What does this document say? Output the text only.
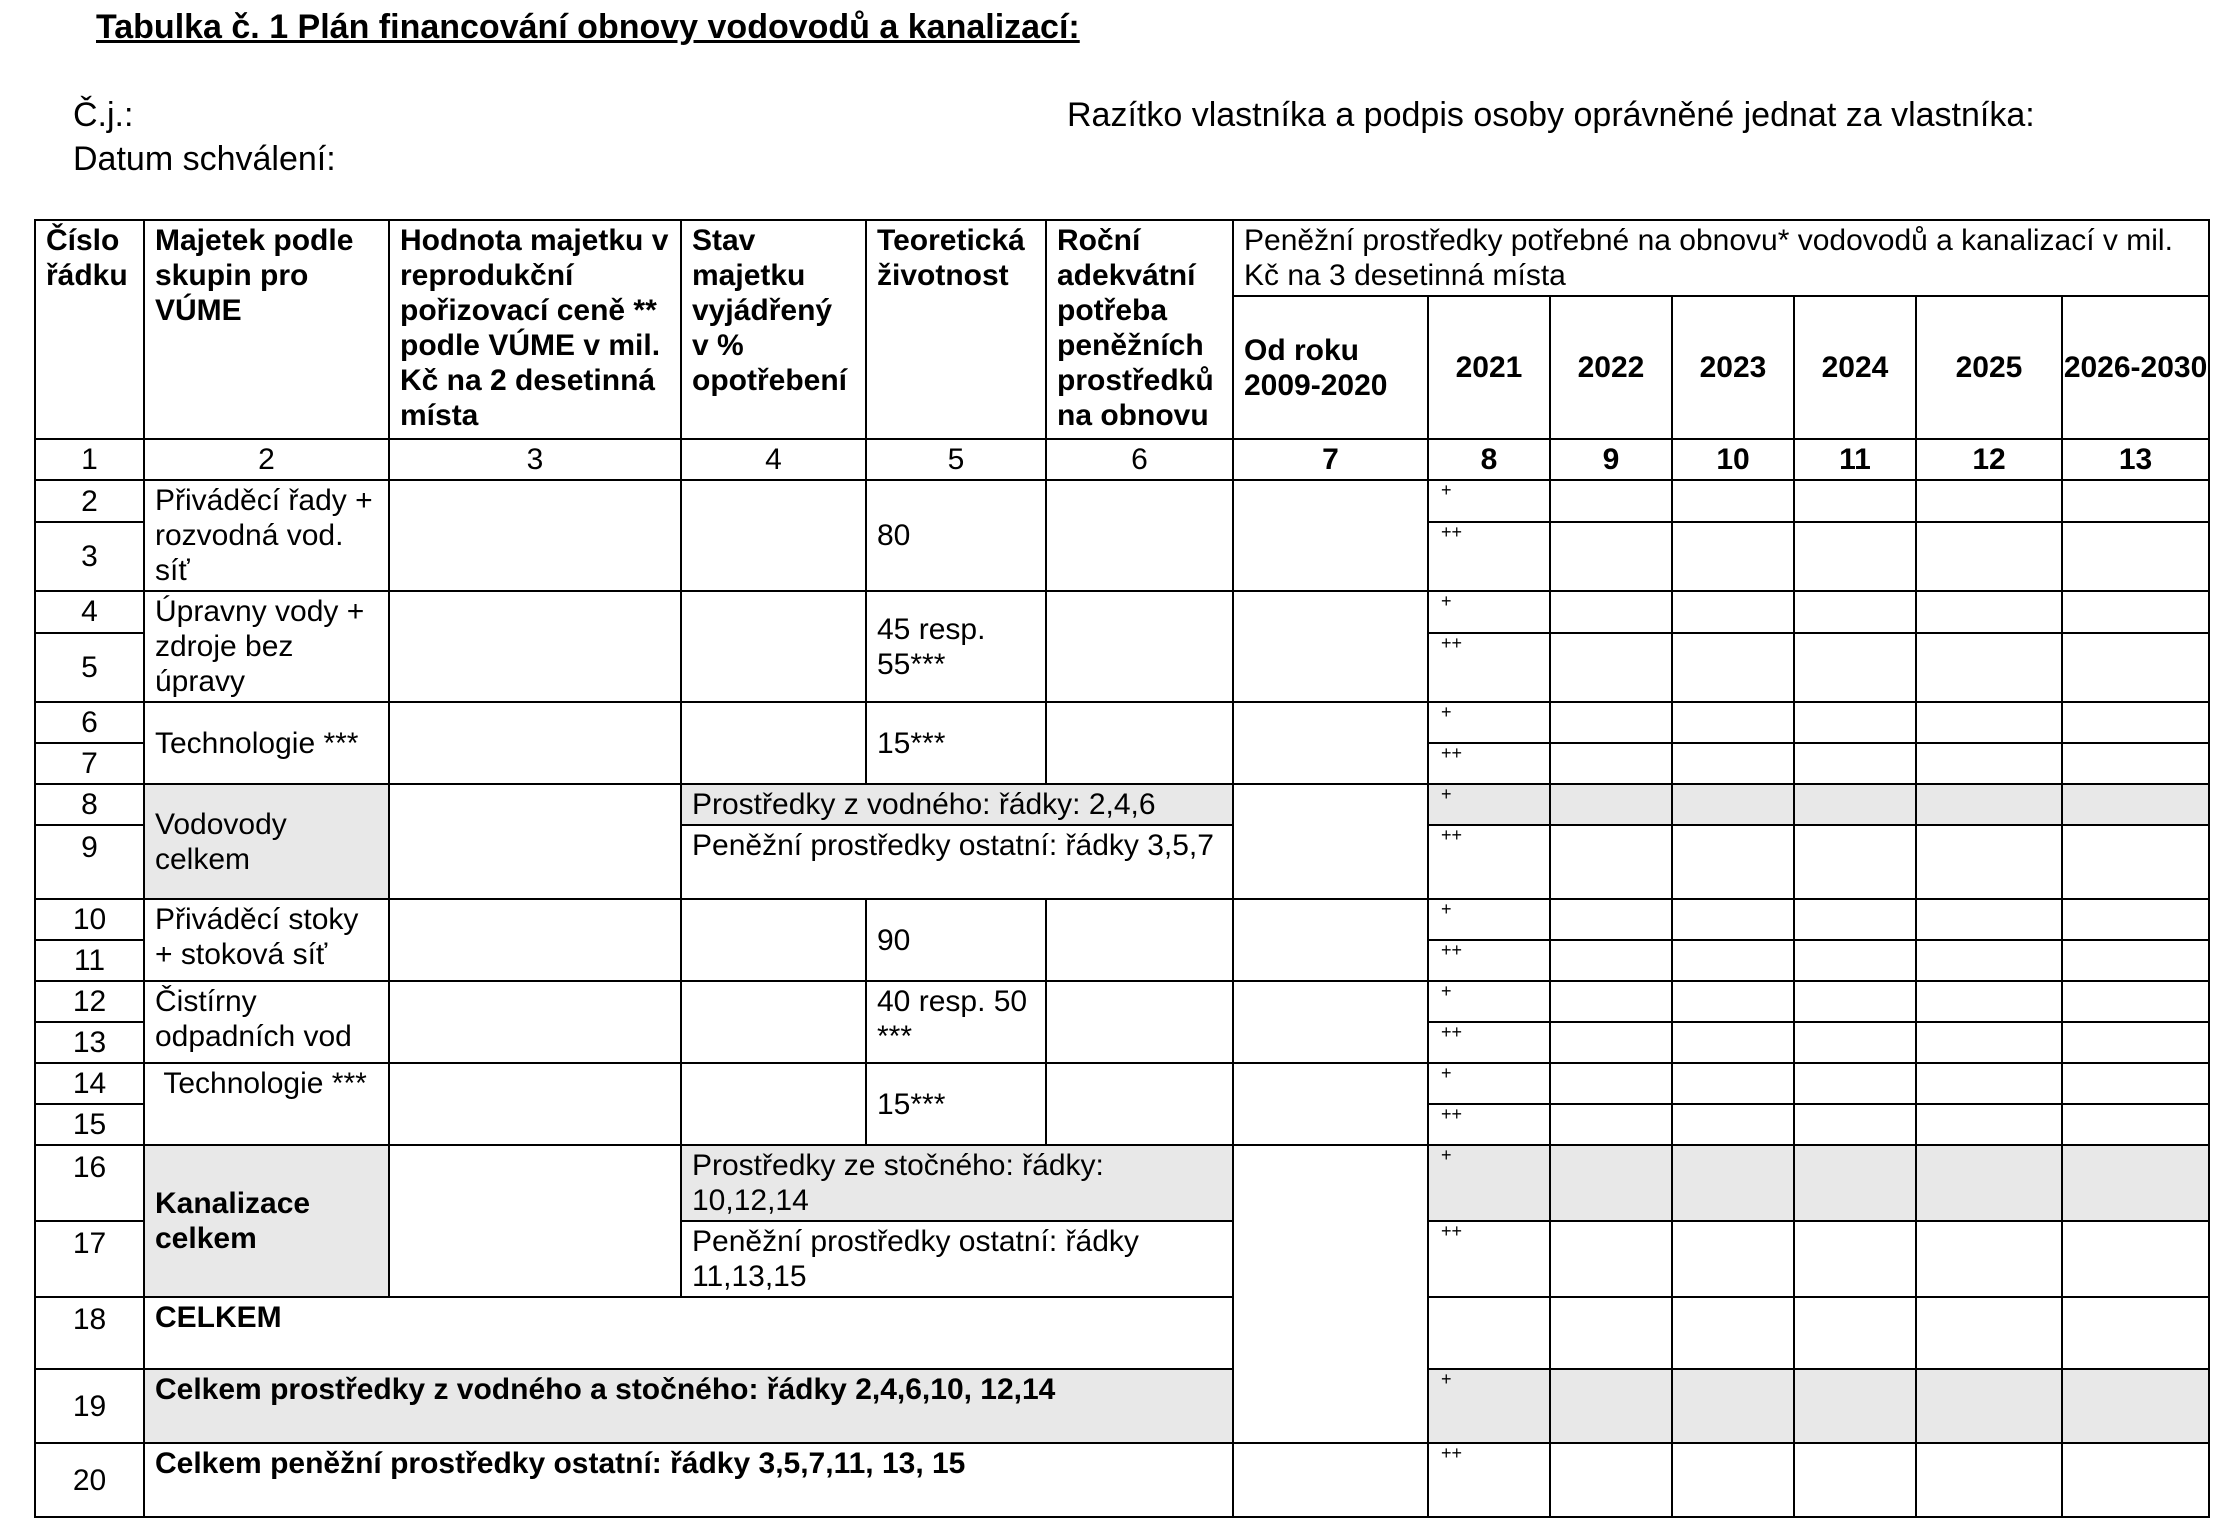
Tabulka č. 1 Plán financování obnovy vodovodů a kanalizací:
Č.j.:
Datum schválení:
Razítko vlastníka a podpis osoby oprávněné jednat za vlastníka:
Číslo řádku	Majetek podle skupin pro VÚME	Hodnota majetku v reprodukční pořizovací ceně ** podle VÚME v mil. Kč na 2 desetinná místa	Stav majetku vyjádřený v % opotřebení	Teoretická životnost	Roční adekvátní potřeba peněžních prostředků na obnovu	Peněžní prostředky potřebné na obnovu* vodovodů a kanalizací v mil. Kč na 3 desetinná místa						
						Od roku 2009-2020	2021	2022	2023	2024	2025	2026-2030
1	2	3	4	5	6	7	8	9	10	11	12	13
2	Přiváděcí řady + rozvodná vod. síť			80			+					
3							++					
4	Úpravny vody + zdroje bez úpravy			45 resp. 55***			+					
5							++					
6	Technologie ***			15***			+					
7							++					
8	Vodovody celkem		Prostředky z vodného: řádky: 2,4,6				+					
9			Peněžní prostředky ostatní: řádky 3,5,7				++					
10	Přiváděcí stoky + stoková síť			90			+					
11							++					
12	Čistírny odpadních vod			40 resp. 50 ***			+					
13							++					
14	Technologie ***			15***			+					
15							++					
16	Kanalizace celkem		Prostředky ze stočného: řádky: 10,12,14				+					
17			Peněžní prostředky ostatní: řádky 11,13,15				++					
18	CELKEM											
19	Celkem prostředky z vodného a stočného: řádky 2,4,6,10, 12,14						+					
20	Celkem peněžní prostředky ostatní: řádky 3,5,7,11, 13, 15						++					
